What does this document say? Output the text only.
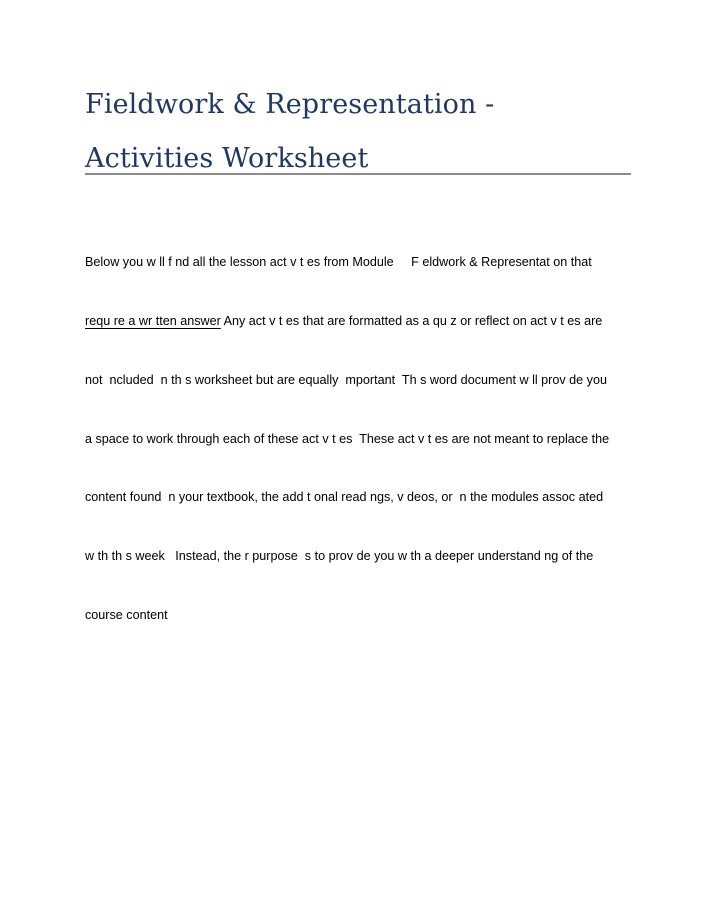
Fieldwork & Representation -
Activities Worksheet

Below you w ll f nd all the lesson act v t es from Module     F eldwork & Representat on that

requ re a wr tten answer Any act v t es that are formatted as a qu z or reflect on act v t es are

not  ncluded  n th s worksheet but are equally  mportant  Th s word document w ll prov de you

a space to work through each of these act v t es  These act v t es are not meant to replace the

content found  n your textbook, the add t onal read ngs, v deos, or  n the modules assoc ated

w th th s week   Instead, the r purpose  s to prov de you w th a deeper understand ng of the

course content
